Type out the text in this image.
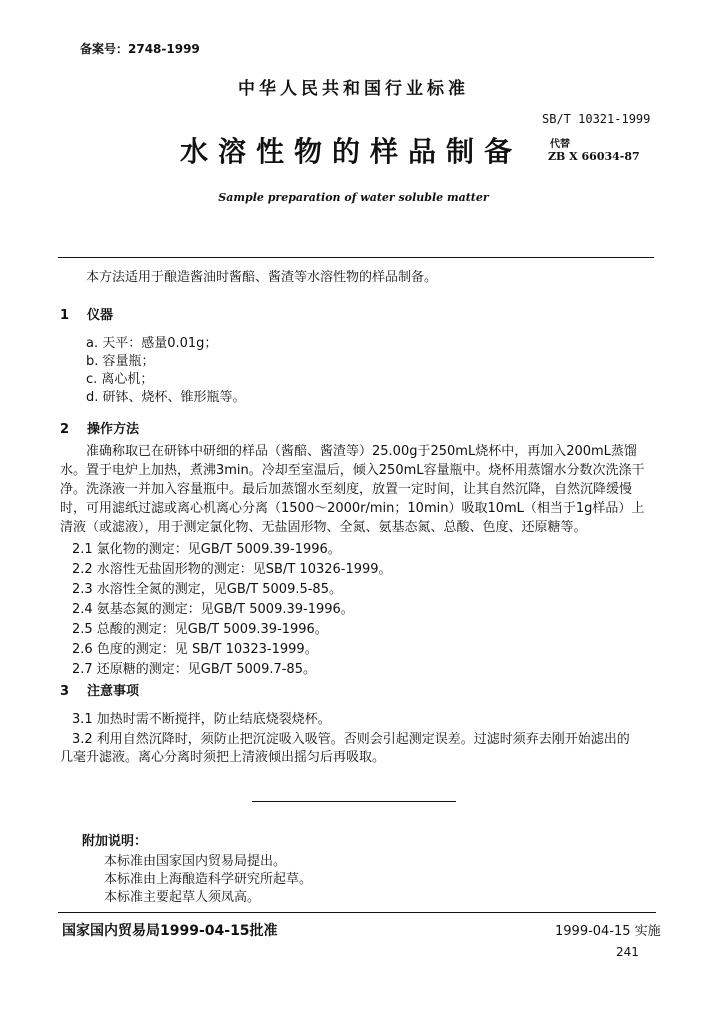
备案号：2748-1999
中华人民共和国行业标准
SB/T 10321-1999
水溶性物的样品制备	代替
ZB X 66034-87
Sample preparation of water soluble matter
本方法适用于酿造酱油时酱醅、酱渣等水溶性物的样品制备。
1 仪器
a. 天平：感量0.01g；
b. 容量瓶；
c. 离心机；
d. 研钵、烧杯、锥形瓶等。
2 操作方法
准确称取已在研钵中研细的样品（酱醅、酱渣等）25.00g于250mL烧杯中，再加入200mL蒸馏水。置于电炉上加热，煮沸3min。冷却至室温后，倾入250mL容量瓶中。烧杯用蒸馏水分数次洗涤干净。洗涤液一并加入容量瓶中。最后加蒸馏水至刻度，放置一定时间，让其自然沉降，自然沉降缓慢时，可用滤纸过滤或离心机离心分离（1500～2000r/min；10min）吸取10mL（相当于1g样品）上清液（或滤液），用于测定氯化物、无盐固形物、全氮、氨基态氮、总酸、色度、还原糖等。
2.1 氯化物的测定：见GB/T 5009.39-1996。
2.2 水溶性无盐固形物的测定：见SB/T 10326-1999。
2.3 水溶性全氮的测定，见GB/T 5009.5-85。
2.4 氨基态氮的测定：见GB/T 5009.39-1996。
2.5 总酸的测定：见GB/T 5009.39-1996。
2.6 色度的测定：见 SB/T 10323-1999。
2.7 还原糖的测定：见GB/T 5009.7-85。
3 注意事项
3.1 加热时需不断搅拌，防止结底烧裂烧杯。
3.2 利用自然沉降时，须防止把沉淀吸入吸管。否则会引起测定误差。过滤时须弃去刚开始滤出的
几毫升滤液。离心分离时须把上清液倾出摇匀后再吸取。
附加说明：
本标准由国家国内贸易局提出。
本标准由上海酿造科学研究所起草。
本标准主要起草人须凤高。
国家国内贸易局1999-04-15批准	1999-04-15 实施
241
